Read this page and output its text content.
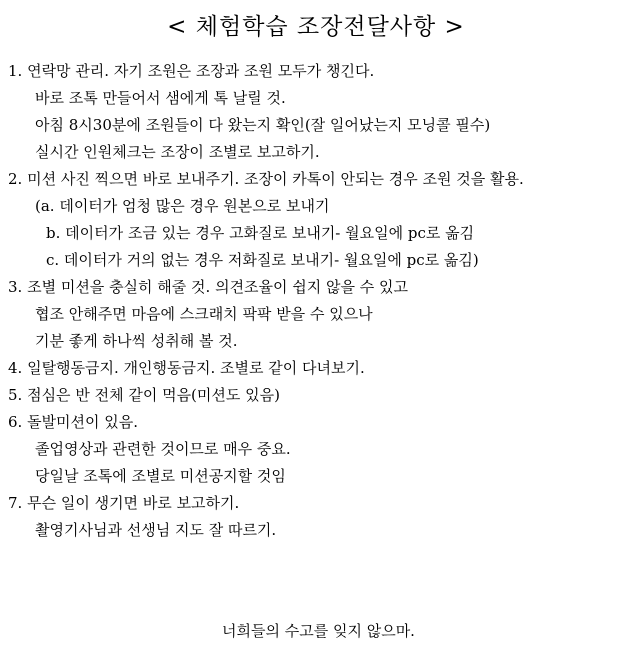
< 체험학습 조장전달사항 >
1. 연락망 관리. 자기 조원은 조장과 조원 모두가 챙긴다.
바로 조톡 만들어서 샘에게 톡 날릴 것.
아침 8시30분에 조원들이 다 왔는지 확인(잘 일어났는지 모닝콜 필수)
실시간 인원체크는 조장이 조별로 보고하기.
2. 미션 사진 찍으면 바로 보내주기. 조장이 카톡이 안되는 경우 조원 것을 활용.
(a. 데이터가 엄청 많은 경우 원본으로 보내기
b. 데이터가 조금 있는 경우 고화질로 보내기- 월요일에 pc로 옮김
c. 데이터가 거의 없는 경우 저화질로 보내기- 월요일에 pc로 옮김)
3. 조별 미션을 충실히 해줄 것. 의견조율이 쉽지 않을 수 있고
협조 안해주면 마음에 스크래치 팍팍 받을 수 있으나
기분 좋게 하나씩 성취해 볼 것.
4. 일탈행동금지. 개인행동금지. 조별로 같이 다녀보기.
5. 점심은 반 전체 같이 먹음(미션도 있음)
6. 돌발미션이 있음.
졸업영상과 관련한 것이므로 매우 중요.
당일날 조톡에 조별로 미션공지할 것임
7. 무슨 일이 생기면 바로 보고하기.
촬영기사님과 선생님 지도 잘 따르기.
너희들의 수고를 잊지 않으마.
